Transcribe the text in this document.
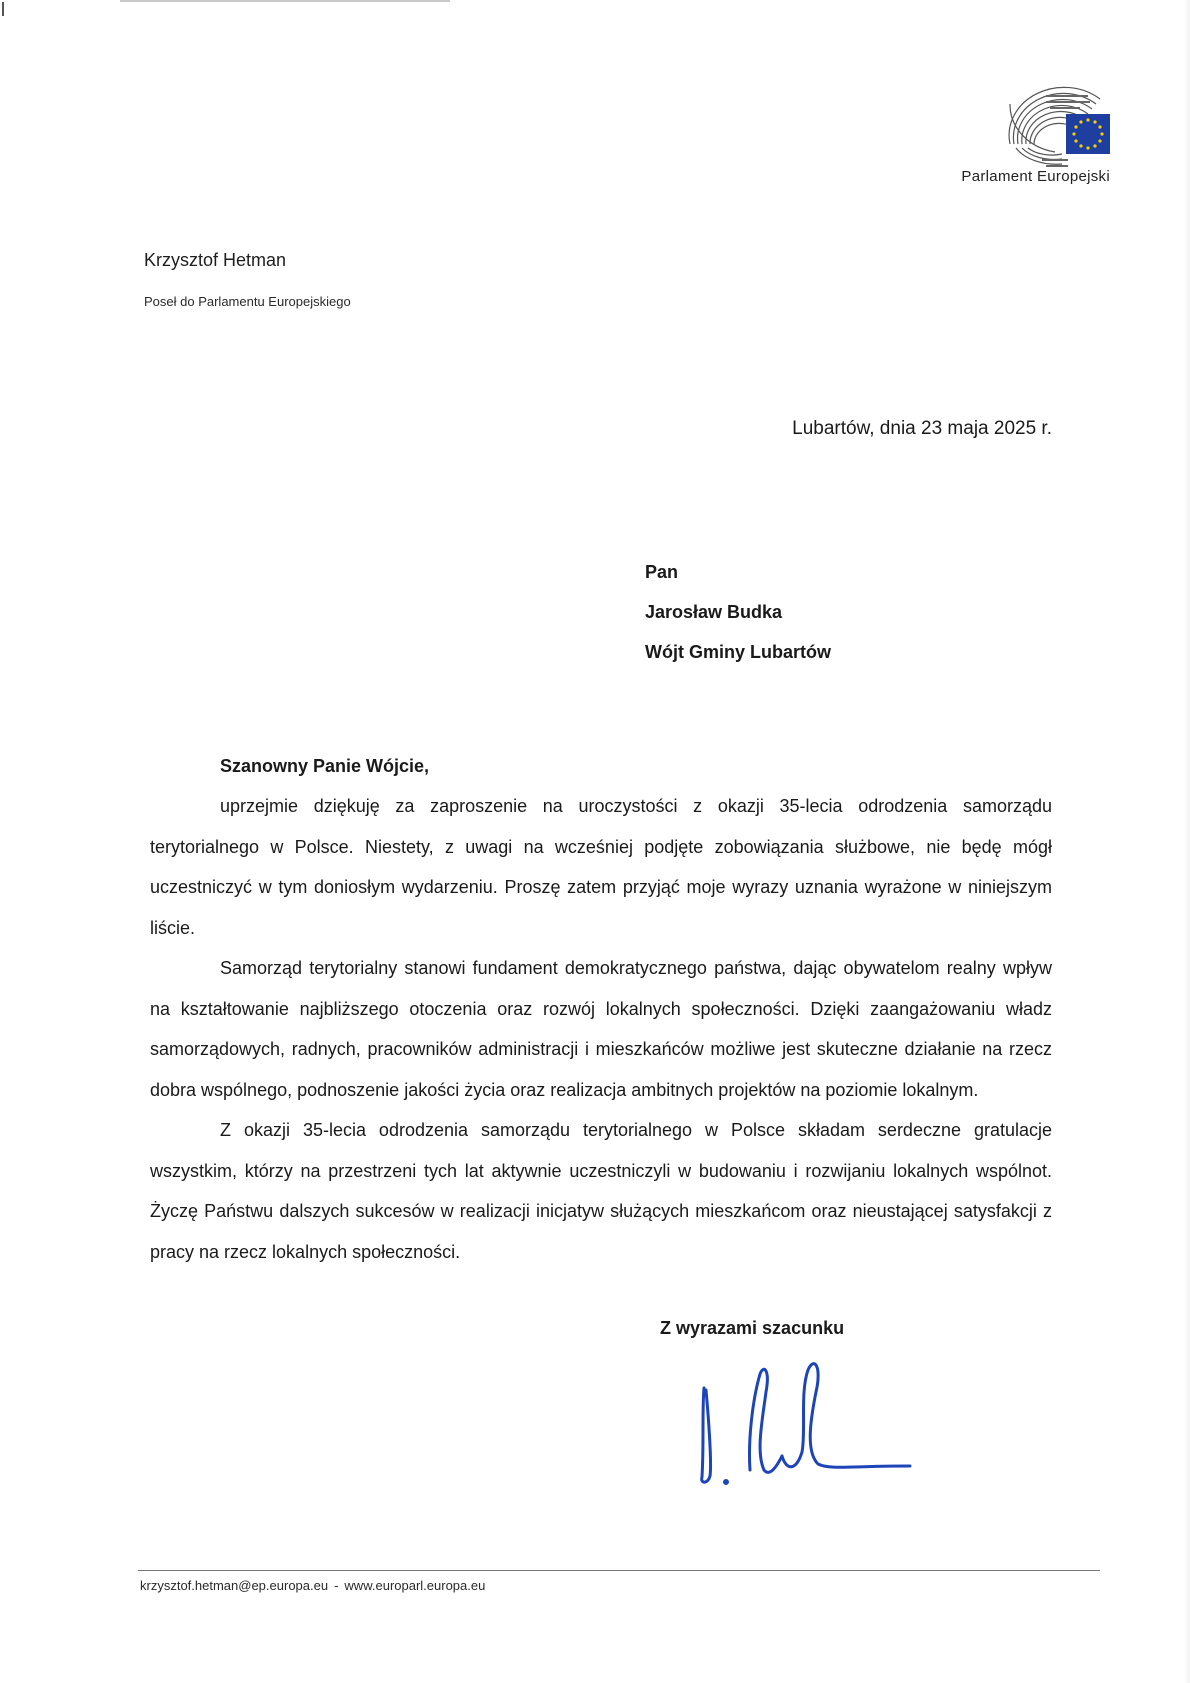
Parlament Europejski
Krzysztof Hetman
Poseł do Parlamentu Europejskiego
Lubartów, dnia 23 maja 2025 r.
Pan
Jarosław Budka
Wójt Gminy Lubartów
Szanowny Panie Wójcie,

uprzejmie dziękuję za zaproszenie na uroczystości z okazji 35-lecia odrodzenia samorządu terytorialnego w Polsce. Niestety, z uwagi na wcześniej podjęte zobowiązania służbowe, nie będę mógł uczestniczyć w tym doniosłym wydarzeniu. Proszę zatem przyjąć moje wyrazy uznania wyrażone w niniejszym liście.

Samorząd terytorialny stanowi fundament demokratycznego państwa, dając obywatelom realny wpływ na kształtowanie najbliższego otoczenia oraz rozwój lokalnych społeczności. Dzięki zaangażowaniu władz samorządowych, radnych, pracowników administracji i mieszkańców możliwe jest skuteczne działanie na rzecz dobra wspólnego, podnoszenie jakości życia oraz realizacja ambitnych projektów na poziomie lokalnym.

Z okazji 35-lecia odrodzenia samorządu terytorialnego w Polsce składam serdeczne gratulacje wszystkim, którzy na przestrzeni tych lat aktywnie uczestniczyli w budowaniu i rozwijaniu lokalnych wspólnot. Życzę Państwu dalszych sukcesów w realizacji inicjatyw służących mieszkańcom oraz nieustającej satysfakcji z pracy na rzecz lokalnych społeczności.

Z wyrazami szacunku
krzysztof.hetman@ep.europa.eu - www.europarl.europa.eu
